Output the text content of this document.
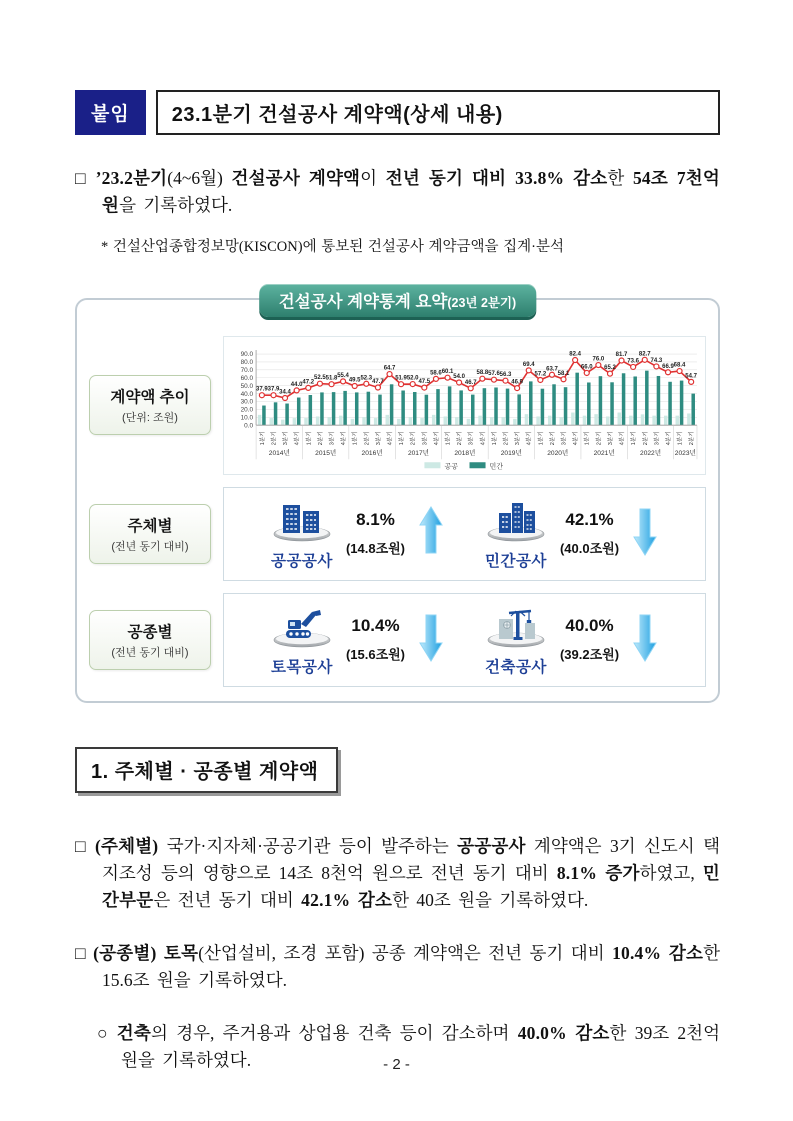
붙임	23.1분기 건설공사 계약액(상세 내용)

□ ’23.2분기(4~6월) 건설공사 계약액이 전년 동기 대비 33.8% 감소한 54조 7천억 원을 기록하였다.

* 건설산업종합정보망(KISCON)에 통보된 건설공사 계약금액을 집계·분석

건설공사 계약통계 요약(23년 2분기)
계약액 추이
(단위: 조원)
0.0
10.0
20.0
30.0
40.0
50.0
60.0
70.0
80.0
90.0
1분기	2분기 3분기	4분기
2014년
1분기	2분기	3분기 4분기
2015년
1분기	2분기	3분기	4분기
2016년
1분기	2분기	3분기	4분기
2017년
1분기 2분기	3분기	4분기
2018년
1분기 2분기	3분기	4분기
2019년
1분기	2분기 3분기	4분기
2020년
1분기	2분기	3분기 4분기
2021년
1분기	2분기	3분기	4분기
2022년
1분기	2분기
2023년
37.9 37.9 34.4
44.0 47.2
52.5 51.8 55.4
49.5 52.3
47.7
64.7
51.9 52.0
47.5
58.6 60.1
54.0
46.7
58.8 57.6 56.3
46.9
69.4
57.2
63.7
58.1
82.4
66.0
76.0
65.2
81.7
73.6
82.7
74.3
66.9 68.4
54.7
공공	민간
주체별
(전년 동기 대비)
공공공사
8.1%
(14.8조원)
민간공사
42.1%
(40.0조원)
공종별
(전년 동기 대비)
토목공사
10.4%
(15.6조원)
건축공사
40.0%
(39.2조원)
1. 주체별 · 공종별 계약액

□ (주체별) 국가·지자체·공공기관 등이 발주하는 공공공사 계약액은 3기 신도시 택지조성 등의 영향으로 14조 8천억 원으로 전년 동기 대비 8.1% 증가하였고, 민간부문은 전년 동기 대비 42.1% 감소한 40조 원을 기록하였다.

□ (공종별) 토목(산업설비, 조경 포함) 공종 계약액은 전년 동기 대비 10.4% 감소한 15.6조 원을 기록하였다.

○ 건축의 경우, 주거용과 상업용 건축 등이 감소하며 40.0% 감소한 39조 2천억 원을 기록하였다.	- 2 -
